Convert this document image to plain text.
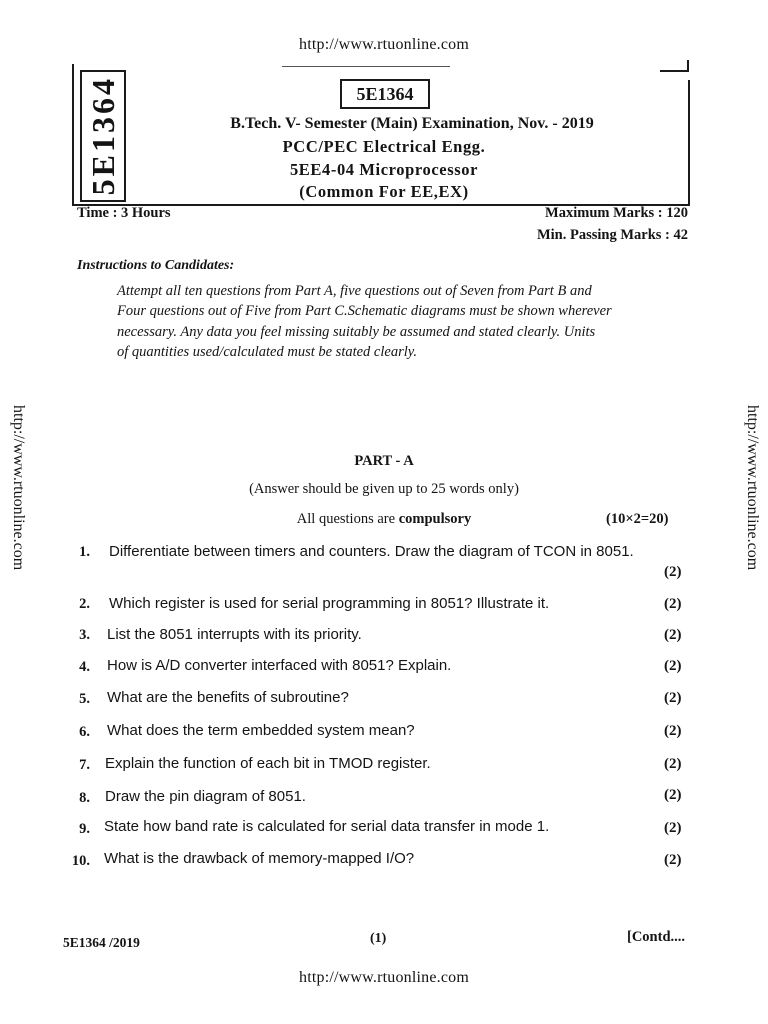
http://www.rtuonline.com
5E1364	5E1364
B.Tech. V- Semester (Main) Examination, Nov. - 2019
PCC/PEC Electrical Engg.
5EE4-04 Microprocessor
(Common For EE,EX)
Time : 3 Hours	Maximum Marks : 120
Min. Passing Marks : 42
Instructions to Candidates:
Attempt all ten questions from Part A, five questions out of Seven from Part B and
Four questions out of Five from Part C.Schematic diagrams must be shown wherever
necessary. Any data you feel missing suitably be assumed and stated clearly. Units
of quantities used/calculated must be stated clearly.
http://www.rtuonline.com	http://www.rtuonline.com
PART - A
(Answer should be given up to 25 words only)
All questions are compulsory	(10×2=20)
1. Differentiate between timers and counters. Draw the diagram of TCON in 8051.
(2)
2. Which register is used for serial programming in 8051? Illustrate it.	(2)
3. List the 8051 interrupts with its priority.	(2)
4. How is A/D converter interfaced with 8051? Explain.	(2)
5. What are the benefits of subroutine?	(2)
6. What does the term embedded system mean?	(2)
7. Explain the function of each bit in TMOD register.	(2)
8. Draw the pin diagram of 8051.	(2)
9. State how band rate is calculated for serial data transfer in mode 1.	(2)
10. What is the drawback of memory-mapped I/O?	(2)
5E1364 /2019	(1)	[Contd....
http://www.rtuonline.com
